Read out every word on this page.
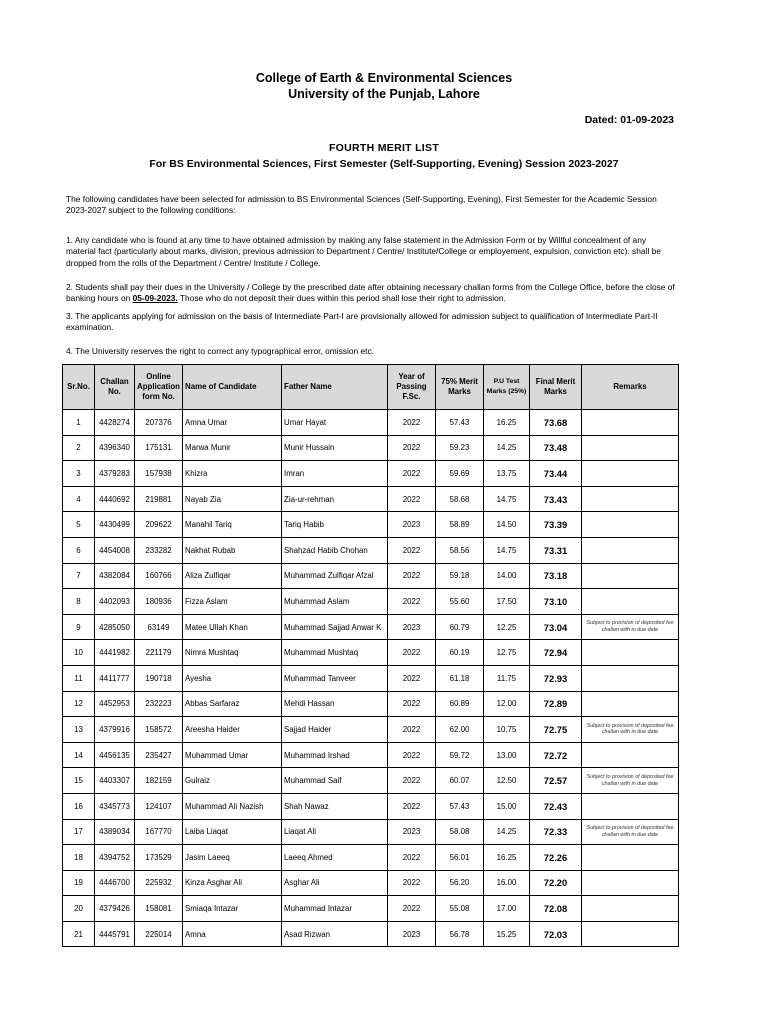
College of Earth & Environmental Sciences
University of the Punjab, Lahore
Dated: 01-09-2023
FOURTH MERIT LIST
For BS Environmental Sciences, First Semester (Self-Supporting, Evening) Session 2023-2027
The following candidates have been selected for admission to BS Environmental Sciences (Self-Supporting, Evening), First Semester for the Academic Session 2023-2027 subject to the following conditions:
1. Any candidate who is found at any time to have obtained admission by making any false statement in the Admission Form or by Willful concealment of any material fact (particularly about marks, division, previous admission to Department / Centre/ Institute/College or employement, expulsion, conviction etc). shall be dropped from the rolls of the Department / Centre/ Institute / College.
2. Students shall pay their dues in the University / College by the prescribed date after obtaining necessary challan forms from the College Office, before the close of banking hours on 05-09-2023. Those who do not deposit their dues within this period shall lose their right to admission.
3. The applicants applying for admission on the basis of Intermediate Part-I are provisionally allowed for admission subject to qualification of Intermediate Part-II examination.
4. The University reserves the right to correct any typographical error, omission etc.
Sr.No.	Challan No.	Online Application form No.	Name of Candidate	Father Name	Year of Passing F.Sc.	75% Merit Marks	P.U Test Marks (25%)	Final Merit Marks	Remarks
1	4428274	207376	Amna Umar	Umar Hayat	2022	57.43	16.25	73.68	
2	4396340	175131	Marwa Munir	Munir Hussain	2022	59.23	14.25	73.48	
3	4379283	157938	Khizra	Imran	2022	59.69	13.75	73.44	
4	4440692	219881	Nayab Zia	Zia-ur-rehman	2022	58.68	14.75	73.43	
5	4430499	209622	Manahil Tariq	Tariq Habib	2023	58.89	14.50	73.39	
6	4454008	233282	Nakhat Rubab	Shahzad Habib Chohan	2022	58.56	14.75	73.31	
7	4382084	160766	Aliza Zulfiqar	Muhammad Zulfiqar Afzal	2022	59.18	14.00	73.18	
8	4402093	180936	Fizza Aslam	Muhammad Aslam	2022	55.60	17.50	73.10	
9	4285050	63149	Matee Ullah Khan	Muhammad Sajjad Anwar K	2023	60.79	12.25	73.04	Subject to provision of deposited fee challan with in due date
10	4441982	221179	Nimra Mushtaq	Muhammad Mushtaq	2022	60.19	12.75	72.94	
11	4411777	190718	Ayesha	Muhammad Tanveer	2022	61.18	11.75	72.93	
12	4452953	232223	Abbas Sarfaraz	Mehdi Hassan	2022	60.89	12.00	72.89	
13	4379916	158572	Areesha Haider	Sajjad Haider	2022	62.00	10.75	72.75	Subject to provision of deposited fee challan with in due date
14	4456135	235427	Muhammad Umar	Muhammad Irshad	2022	59.72	13.00	72.72	
15	4403307	182159	Gulraiz	Muhammad Saif	2022	60.07	12.50	72.57	Subject to provision of deposited fee challan with in due date
16	4345773	124107	Muhammad Ali Nazish	Shah Nawaz	2022	57.43	15.00	72.43	
17	4389034	167770	Laiba Liaqat	Liaqat Ali	2023	58.08	14.25	72.33	Subject to provision of deposited fee challan with in due date
18	4394752	173529	Jasim Laeeq	Laeeq Ahmed	2022	56.01	16.25	72.26	
19	4446700	225932	Kinza Asghar Ali	Asghar Ali	2022	56.20	16.00	72.20	
20	4379426	158081	Smiaqa Intazar	Muhammad Intazar	2022	55.08	17.00	72.08	
21	4445791	225014	Amna	Asad Rizwan	2023	56.78	15.25	72.03	
